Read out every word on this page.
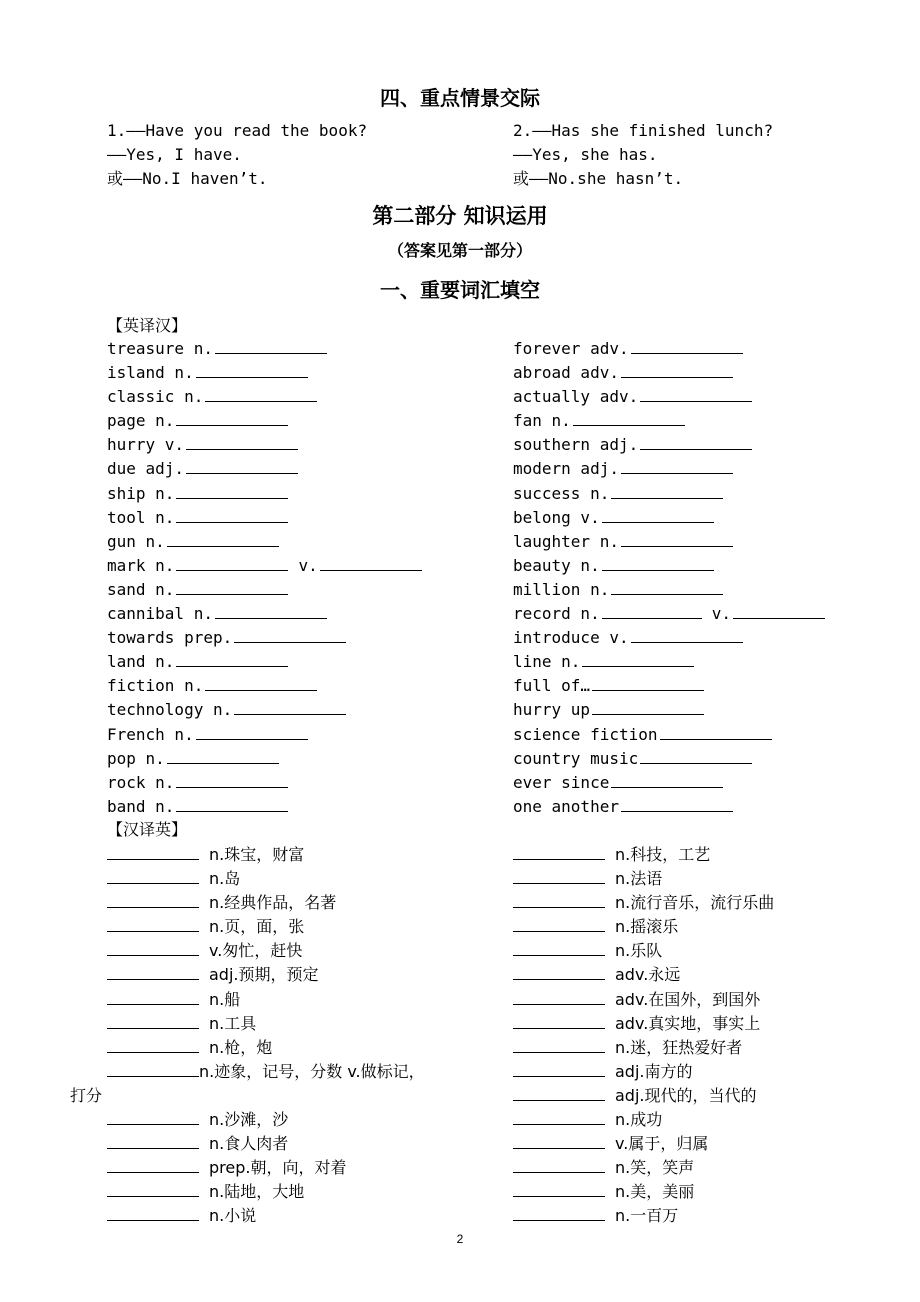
四、重点情景交际
1.——Have you read the book?
——Yes, I have.
或——No.I haven’t.
2.——Has she finished lunch?
——Yes, she has.
或——No.she hasn’t.
第二部分 知识运用
（答案见第一部分）
一、重要词汇填空
【英译汉】
treasure n.
island n.
classic n.
page n.
hurry v.
due adj.
ship n.
tool n.
gun n.
mark n.	v.
sand n.
cannibal n.
towards prep.
land n.
fiction n.
technology n.
French n.
pop n.
rock n.
band n.
forever adv.
abroad adv.
actually adv.
fan n.
southern adj.
modern adj.
success n.
belong v.
laughter n.
beauty n.
million n.
record n.	v.
introduce v.
line n.
full of…
hurry up
science fiction
country music
ever since
one another
【汉译英】
n.珠宝，财富
n.岛
n.经典作品，名著
n.页，面，张
v.匆忙，赶快
adj.预期，预定
n.船
n.工具
n.枪，炮
n.迹象，记号，分数 v.做标记，
打分
n.沙滩，沙
n.食人肉者
prep.朝，向，对着
n.陆地，大地
n.小说
n.科技，工艺
n.法语
n.流行音乐，流行乐曲
n.摇滚乐
n.乐队
adv.永远
adv.在国外，到国外
adv.真实地，事实上
n.迷，狂热爱好者
adj.南方的
adj.现代的，当代的
n.成功
v.属于，归属
n.笑，笑声
n.美，美丽
n.一百万
2
